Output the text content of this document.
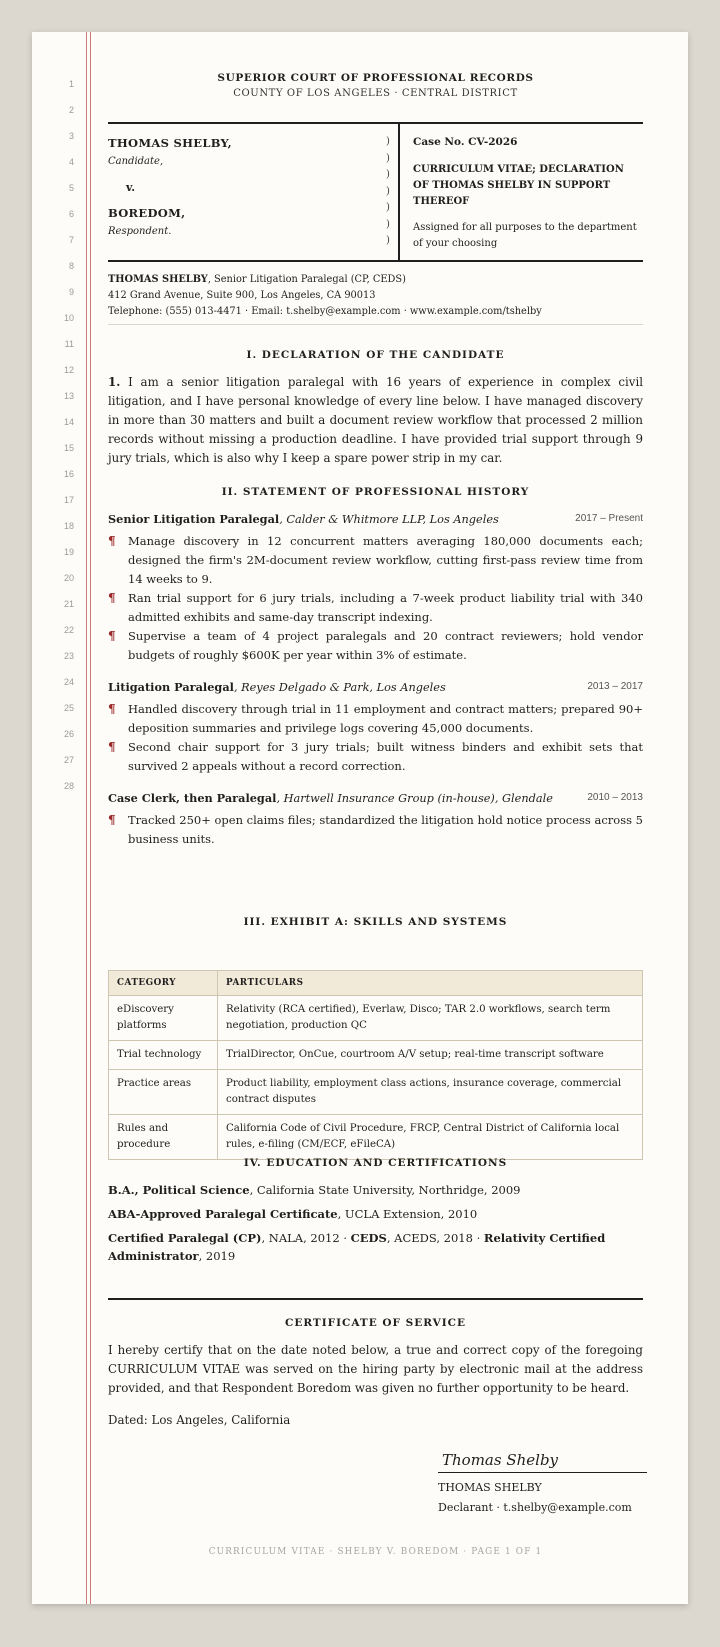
1
2
3
4
5
6
7
8
9
10
11
12
13
14
15
16
17
18
19
20
21
22
23
24
25
26
27
28
SUPERIOR COURT OF PROFESSIONAL RECORDS
COUNTY OF LOS ANGELES · CENTRAL DISTRICT
THOMAS SHELBY,
Candidate,
v.
BOREDOM,
Respondent.
)
)
)
)
)
)
)
Case No. CV-2026
CURRICULUM VITAE; DECLARATION OF THOMAS SHELBY IN SUPPORT THEREOF
Assigned for all purposes to the department of your choosing
THOMAS SHELBY, Senior Litigation Paralegal (CP, CEDS)
412 Grand Avenue, Suite 900, Los Angeles, CA 90013
Telephone: (555) 013-4471 · Email: t.shelby@example.com · www.example.com/tshelby
I. DECLARATION OF THE CANDIDATE
1. I am a senior litigation paralegal with 16 years of experience in complex civil litigation, and I have personal knowledge of every line below. I have managed discovery in more than 30 matters and built a document review workflow that processed 2 million records without missing a production deadline. I have provided trial support through 9 jury trials, which is also why I keep a spare power strip in my car.
II. STATEMENT OF PROFESSIONAL HISTORY
Senior Litigation Paralegal, Calder & Whitmore LLP, Los Angeles	2017 – Present
¶ Manage discovery in 12 concurrent matters averaging 180,000 documents each; designed the firm's 2M-document review workflow, cutting first-pass review time from 14 weeks to 9.
¶ Ran trial support for 6 jury trials, including a 7-week product liability trial with 340 admitted exhibits and same-day transcript indexing.
¶ Supervise a team of 4 project paralegals and 20 contract reviewers; hold vendor budgets of roughly $600K per year within 3% of estimate.
Litigation Paralegal, Reyes Delgado & Park, Los Angeles	2013 – 2017
¶ Handled discovery through trial in 11 employment and contract matters; prepared 90+ deposition summaries and privilege logs covering 45,000 documents.
¶ Second chair support for 3 jury trials; built witness binders and exhibit sets that survived 2 appeals without a record correction.
Case Clerk, then Paralegal, Hartwell Insurance Group (in-house), Glendale	2010 – 2013
¶ Tracked 250+ open claims files; standardized the litigation hold notice process across 5 business units.
III. EXHIBIT A: SKILLS AND SYSTEMS
CATEGORY	PARTICULARS
eDiscovery platforms	Relativity (RCA certified), Everlaw, Disco; TAR 2.0 workflows, search term negotiation, production QC
Trial technology	TrialDirector, OnCue, courtroom A/V setup; real-time transcript software
Practice areas	Product liability, employment class actions, insurance coverage, commercial contract disputes
Rules and procedure	California Code of Civil Procedure, FRCP, Central District of California local rules, e-filing (CM/ECF, eFileCA)
IV. EDUCATION AND CERTIFICATIONS
B.A., Political Science, California State University, Northridge, 2009
ABA-Approved Paralegal Certificate, UCLA Extension, 2010
Certified Paralegal (CP), NALA, 2012 · CEDS, ACEDS, 2018 · Relativity Certified Administrator, 2019
CERTIFICATE OF SERVICE
I hereby certify that on the date noted below, a true and correct copy of the foregoing CURRICULUM VITAE was served on the hiring party by electronic mail at the address provided, and that Respondent Boredom was given no further opportunity to be heard.
Dated: Los Angeles, California
Thomas Shelby
THOMAS SHELBY
Declarant · t.shelby@example.com
CURRICULUM VITAE · SHELBY V. BOREDOM · PAGE 1 OF 1
